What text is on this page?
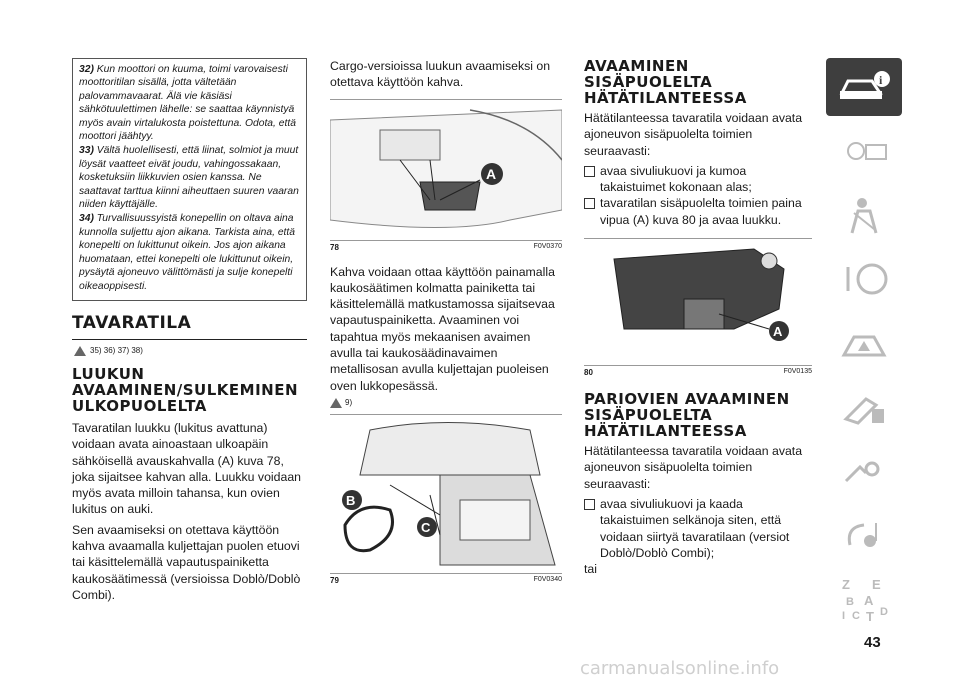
32) Kun moottori on kuuma, toimi varovaisesti moottoritilan sisällä, jotta vältetään palovammavaarat. Älä vie käsiäsi sähkötuulettimen lähelle: se saattaa käynnistyä myös avain virtalukosta poistettuna. Odota, että moottori jäähtyy.

33) Vältä huolellisesti, että liinat, solmiot ja muut löysät vaatteet eivät joudu, vahingossakaan, kosketuksiin liikkuvien osien kanssa. Ne saattavat tarttua kiinni aiheuttaen suuren vaaran niiden käyttäjälle.

34) Turvallisuussyistä konepellin on oltava aina kunnolla suljettu ajon aikana. Tarkista aina, että konepelti on lukittunut oikein. Jos ajon aikana huomataan, ettei konepelti ole lukittunut oikein, pysäytä ajoneuvo välittömästi ja sulje konepelti oikeaoppisesti.

TAVARATILA
35) 36) 37) 38)
LUUKUN
AVAAMINEN/SULKEMINEN
ULKOPUOLELTA

Tavaratilan luukku (lukitus avattuna) voidaan avata ainoastaan ulkoapäin sähköisellä avauskahvalla (A) kuva 78, joka sijaitsee kahvan alla. Luukku voidaan myös avata milloin tahansa, kun ovien lukitus on auki.

Sen avaamiseksi on otettava käyttöön kahva avaamalla kuljettajan puolen etuovi tai käsittelemällä vapautuspainiketta kaukosäätimessä (versioissa Doblò/Doblò Combi).

Cargo-versioissa luukun avaamiseksi on otettava käyttöön kahva.

A
78	F0V0370

Kahva voidaan ottaa käyttöön painamalla kaukosäätimen kolmatta painiketta tai käsittelemällä matkustamossa sijaitsevaa vapautuspainiketta. Avaaminen voi tapahtua myös mekaanisen avaimen avulla tai kaukosäädinavaimen metallisosan avulla kuljettajan puoleisen oven lukkopesässä.

9)
B
C
79	F0V0340
AVAAMINEN
SISÄPUOLELTA
HÄTÄTILANTEESSA

Hätätilanteessa tavaratila voidaan avata ajoneuvon sisäpuolelta toimien seuraavasti:

avaa sivuliukuovi ja kumoa takaistuimet kokonaan alas;
tavaratilan sisäpuolelta toimien paina vipua (A) kuva 80 ja avaa luukku.
A
80	F0V0135
PARIOVIEN AVAAMINEN
SISÄPUOLELTA
HÄTÄTILANTEESSA

Hätätilanteessa tavaratila voidaan avata ajoneuvon sisäpuolelta toimien seuraavasti:

avaa sivuliukuovi ja kaada takaistuimen selkänoja siten, että voidaan siirtyä tavaratilaan (versiot Doblò/Doblò Combi);

tai

i
Z E
B A
I C T D
43
carmanualsonline.info
